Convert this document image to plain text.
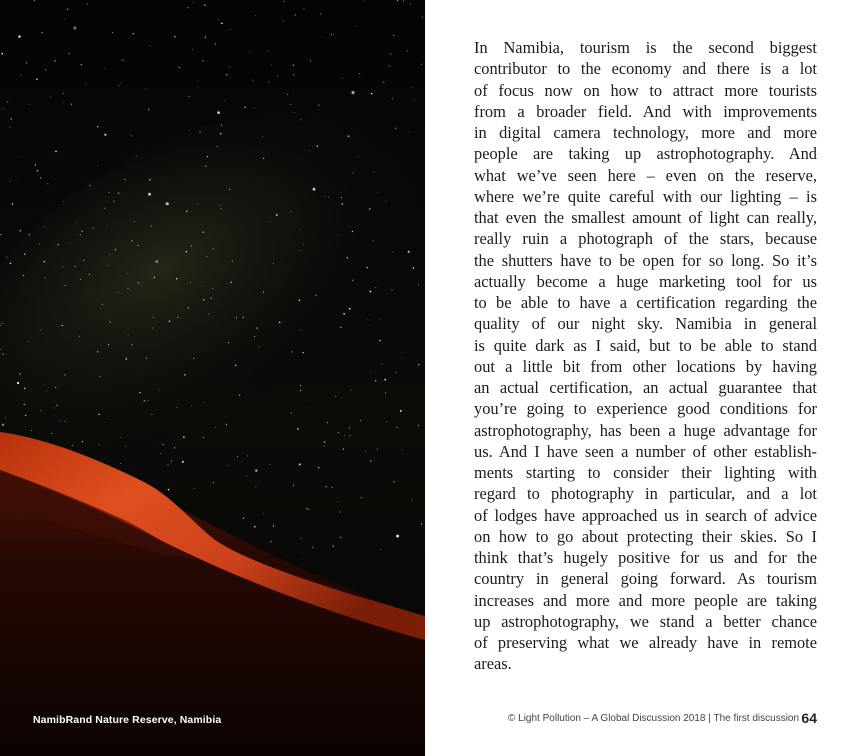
NamibRand Nature Reserve, Namibia
In Namibia, tourism is the second biggest
contributor to the economy and there is a lot
of focus now on how to attract more tourists
from a broader field. And with improvements
in digital camera technology, more and more
people are taking up astrophotography. And
what we’ve seen here – even on the reserve,
where we’re quite careful with our lighting – is
that even the smallest amount of light can really,
really ruin a photograph of the stars, because
the shutters have to be open for so long. So it’s
actually become a huge marketing tool for us
to be able to have a certification regarding the
quality of our night sky. Namibia in general
is quite dark as I said, but to be able to stand
out a little bit from other locations by having
an actual certification, an actual guarantee that
you’re going to experience good conditions for
astrophotography, has been a huge advantage for
us. And I have seen a number of other establish-
ments starting to consider their lighting with
regard to photography in particular, and a lot
of lodges have approached us in search of advice
on how to go about protecting their skies. So I
think that’s hugely positive for us and for the
country in general going forward. As tourism
increases and more and more people are taking
up astrophotography, we stand a better chance
of preserving what we already have in remote
areas.
© Light Pollution – A Global Discussion 2018 | The first discussion 64
